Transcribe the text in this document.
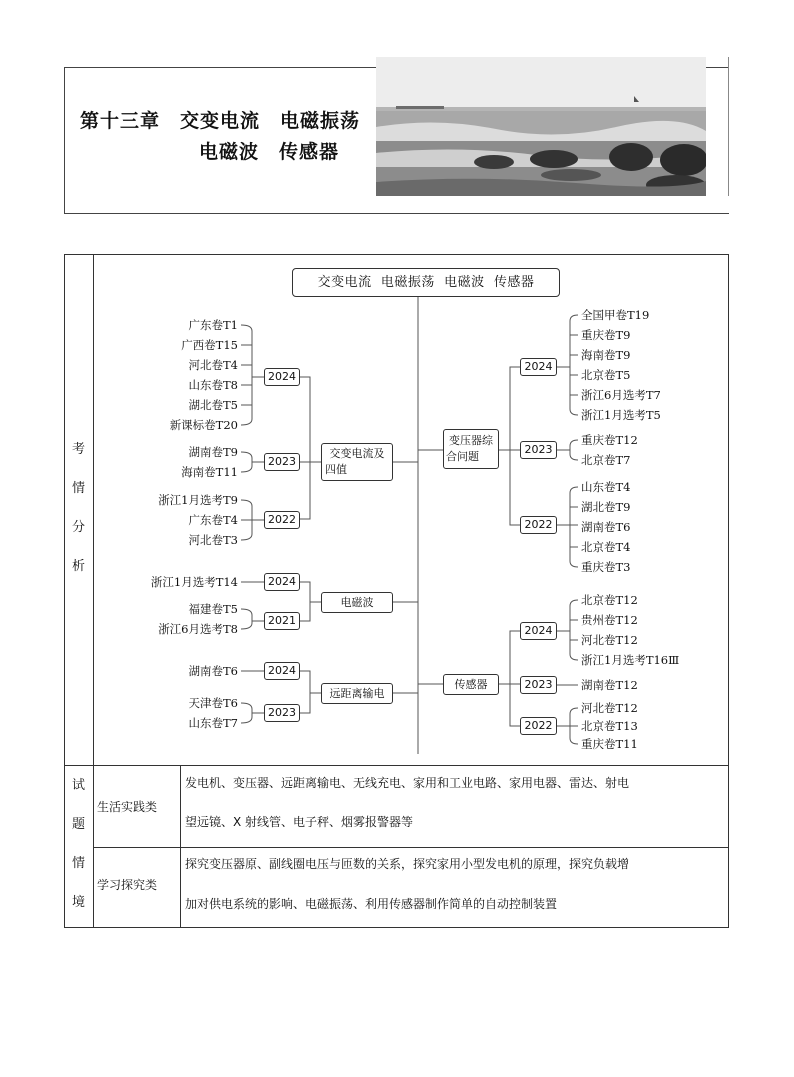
第十三章　交变电流　电磁振荡
电磁波　传感器
考
情
分
析
试
题
情
境
交变电流  电磁振荡  电磁波  传感器
交变电流及
四值
电磁波
远距离输电
变压器综
合问题
传感器
2024
2023
2022
2024
2021
2024
2023
2024
2023
2022
2024
2023
2022
广东卷T1
广西卷T15
河北卷T4
山东卷T8
湖北卷T5
新课标卷T20
湖南卷T9
海南卷T11
浙江1月选考T9
广东卷T4
河北卷T3
浙江1月选考T14
福建卷T5
浙江6月选考T8
湖南卷T6
天津卷T6
山东卷T7
全国甲卷T19
重庆卷T9
海南卷T9
北京卷T5
浙江6月选考T7
浙江1月选考T5
重庆卷T12
北京卷T7
山东卷T4
湖北卷T9
湖南卷T6
北京卷T4
重庆卷T3
北京卷T12
贵州卷T12
河北卷T12
浙江1月选考T16Ⅲ
湖南卷T12
河北卷T12
北京卷T13
重庆卷T11
生活实践类
发电机、变压器、远距离输电、无线充电、家用和工业电路、家用电器、雷达、射电
望远镜、X 射线管、电子秤、烟雾报警器等
学习探究类
探究变压器原、副线圈电压与匝数的关系，探究家用小型发电机的原理，探究负载增
加对供电系统的影响、电磁振荡、利用传感器制作简单的自动控制装置
